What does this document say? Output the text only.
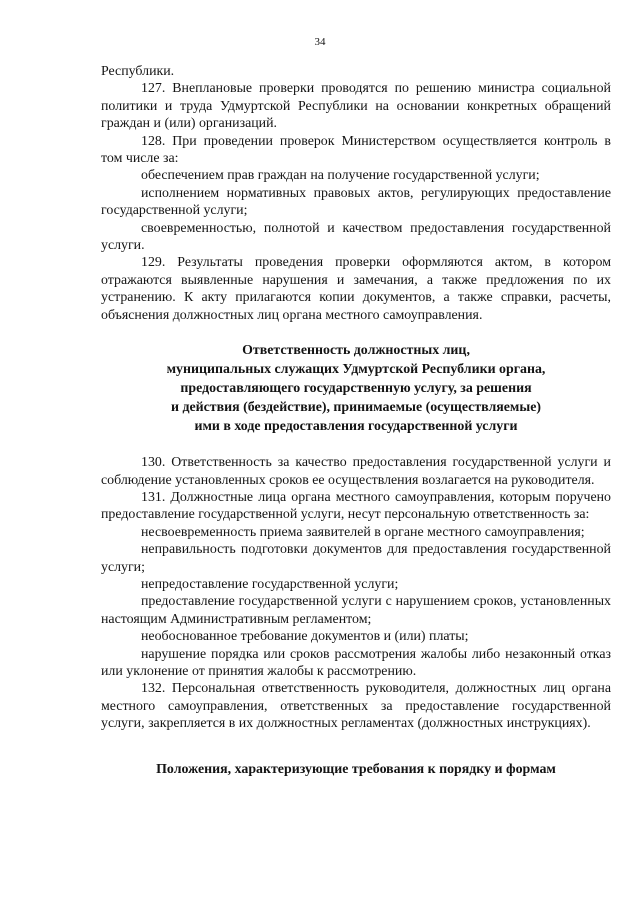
34

Республики.

127. Внеплановые проверки проводятся по решению министра социальной политики и труда Удмуртской Республики на основании конкретных обращений граждан и (или) организаций.

128. При проведении проверок Министерством осуществляется контроль в том числе за:

обеспечением прав граждан на получение государственной услуги;

исполнением нормативных правовых актов, регулирующих предоставление государственной услуги;

своевременностью, полнотой и качеством предоставления государственной услуги.

129. Результаты проведения проверки оформляются актом, в котором отражаются выявленные нарушения и замечания, а также предложения по их устранению. К акту прилагаются копии документов, а также справки, расчеты, объяснения должностных лиц органа местного самоуправления.

Ответственность должностных лиц,
муниципальных служащих Удмуртской Республики органа,
предоставляющего государственную услугу, за решения
и действия (бездействие), принимаемые (осуществляемые)
ими в ходе предоставления государственной услуги

130. Ответственность за качество предоставления государственной услуги и соблюдение установленных сроков ее осуществления возлагается на руководителя.

131. Должностные лица органа местного самоуправления, которым поручено предоставление государственной услуги, несут персональную ответственность за:

несвоевременность приема заявителей в органе местного самоуправления;

неправильность подготовки документов для предоставления государственной услуги;

непредоставление государственной услуги;

предоставление государственной услуги с нарушением сроков, установленных настоящим Административным регламентом;

необоснованное требование документов и (или) платы;

нарушение порядка или сроков рассмотрения жалобы либо незаконный отказ или уклонение от принятия жалобы к рассмотрению.

132. Персональная ответственность руководителя, должностных лиц органа местного самоуправления, ответственных за предоставление государственной услуги, закрепляется в их должностных регламентах (должностных инструкциях).

Положения, характеризующие требования к порядку и формам
